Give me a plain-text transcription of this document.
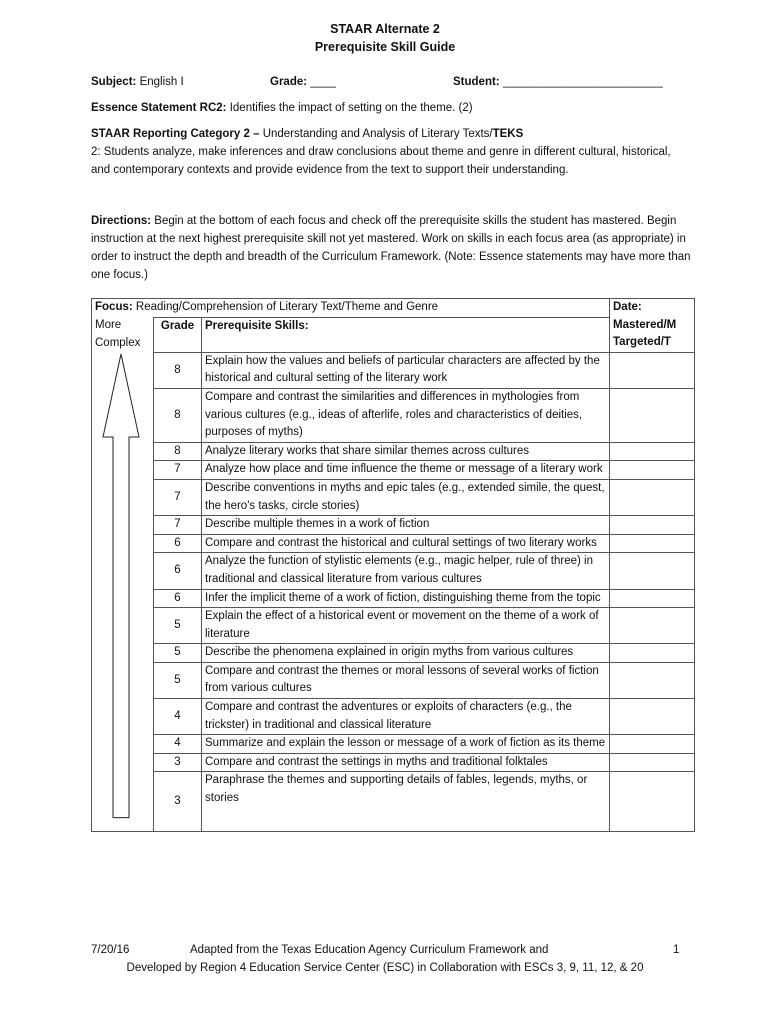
STAAR Alternate 2
Prerequisite Skill Guide
Subject: English I	Grade: ____	Student: _________________________
Essence Statement RC2: Identifies the impact of setting on the theme. (2)
STAAR Reporting Category 2 – Understanding and Analysis of Literary Texts/TEKS
2: Students analyze, make inferences and draw conclusions about theme and genre in different cultural, historical, and contemporary contexts and provide evidence from the text to support their understanding.
Directions: Begin at the bottom of each focus and check off the prerequisite skills the student has mastered. Begin instruction at the next highest prerequisite skill not yet mastered. Work on skills in each focus area (as appropriate) in order to instruct the depth and breadth of the Curriculum Framework. (Note: Essence statements may have more than one focus.)
Focus: Reading/Comprehension of Literary Text/Theme and Genre			Date:
Mastered/M
Targeted/T

More	Grade	Prerequisite Skills:	
Complex			

	8	Explain how the values and beliefs of particular characters are affected by the historical and cultural setting of the literary work	
	8	Compare and contrast the similarities and differences in mythologies from various cultures (e.g., ideas of afterlife, roles and characteristics of deities, purposes of myths)	
	8	Analyze literary works that share similar themes across cultures	
	7	Analyze how place and time influence the theme or message of a literary work	
	7	Describe conventions in myths and epic tales (e.g., extended simile, the quest, the hero's tasks, circle stories)	
	7	Describe multiple themes in a work of fiction	
	6	Compare and contrast the historical and cultural settings of two literary works	
	6	Analyze the function of stylistic elements (e.g., magic helper, rule of three) in traditional and classical literature from various cultures	
	6	Infer the implicit theme of a work of fiction, distinguishing theme from the topic	
	5	Explain the effect of a historical event or movement on the theme of a work of literature	
	5	Describe the phenomena explained in origin myths from various cultures	
	5	Compare and contrast the themes or moral lessons of several works of fiction from various cultures	
	4	Compare and contrast the adventures or exploits of characters (e.g., the trickster) in traditional and classical literature	
	4	Summarize and explain the lesson or message of a work of fiction as its theme	
	3	Compare and contrast the settings in myths and traditional folktales	
	3	Paraphrase the themes and supporting details of fables, legends, myths, or stories	
7/20/16	Adapted from the Texas Education Agency Curriculum Framework and	1
Developed by Region 4 Education Service Center (ESC) in Collaboration with ESCs 3, 9, 11, 12, & 20
